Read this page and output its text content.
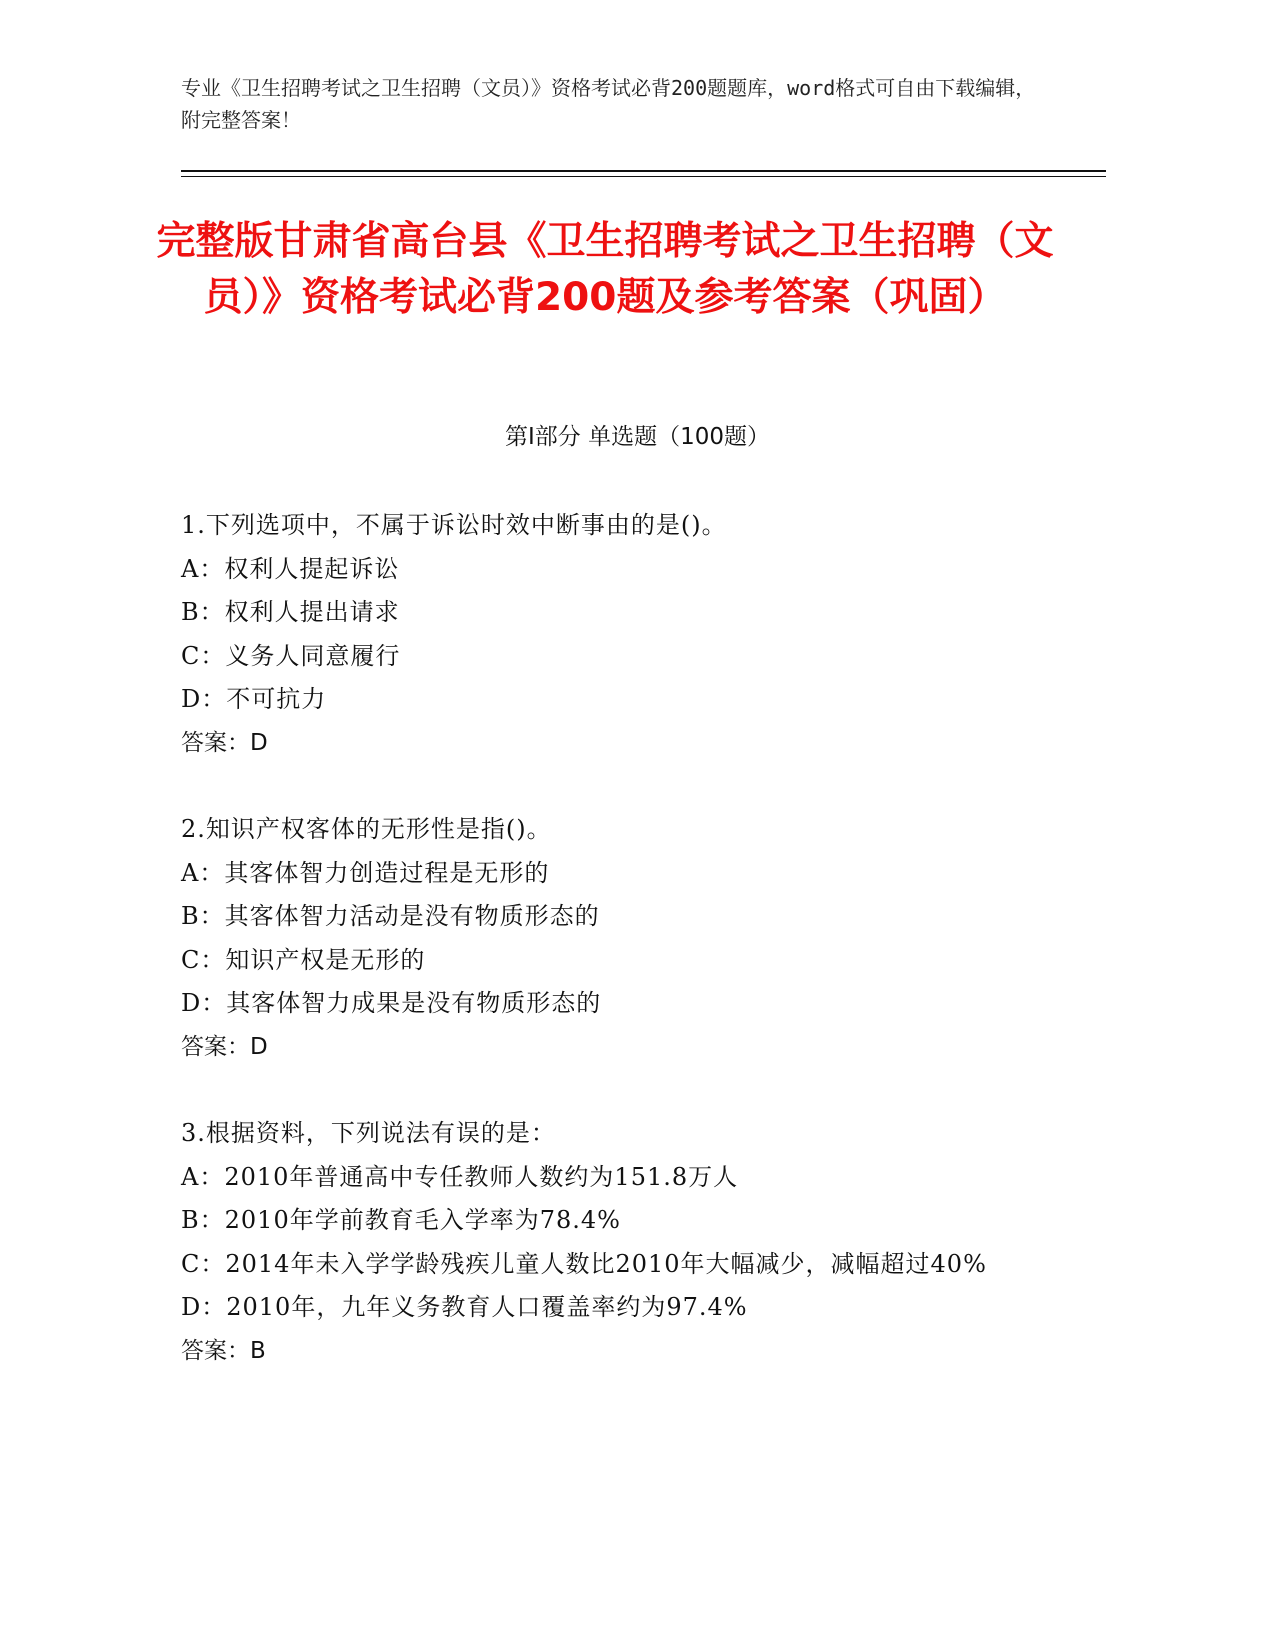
专业《卫生招聘考试之卫生招聘（文员）》资格考试必背200题题库，word格式可自由下载编辑，附完整答案！
完整版甘肃省高台县《卫生招聘考试之卫生招聘（文员）》资格考试必背200题及参考答案（巩固）
第Ⅰ部分 单选题（100题）
1.下列选项中，不属于诉讼时效中断事由的是()。
A： 权利人提起诉讼
B： 权利人提出请求
C： 义务人同意履行
D： 不可抗力
答案：D
2.知识产权客体的无形性是指()。
A： 其客体智力创造过程是无形的
B： 其客体智力活动是没有物质形态的
C： 知识产权是无形的
D： 其客体智力成果是没有物质形态的
答案：D
3.根据资料，下列说法有误的是：
A： 2010年普通高中专任教师人数约为151.8万人
B： 2010年学前教育毛入学率为78.4%
C：2014年未入学学龄残疾儿童人数比2010年大幅减少，减幅超过40%
D： 2010年，九年义务教育人口覆盖率约为97.4%
答案：B
